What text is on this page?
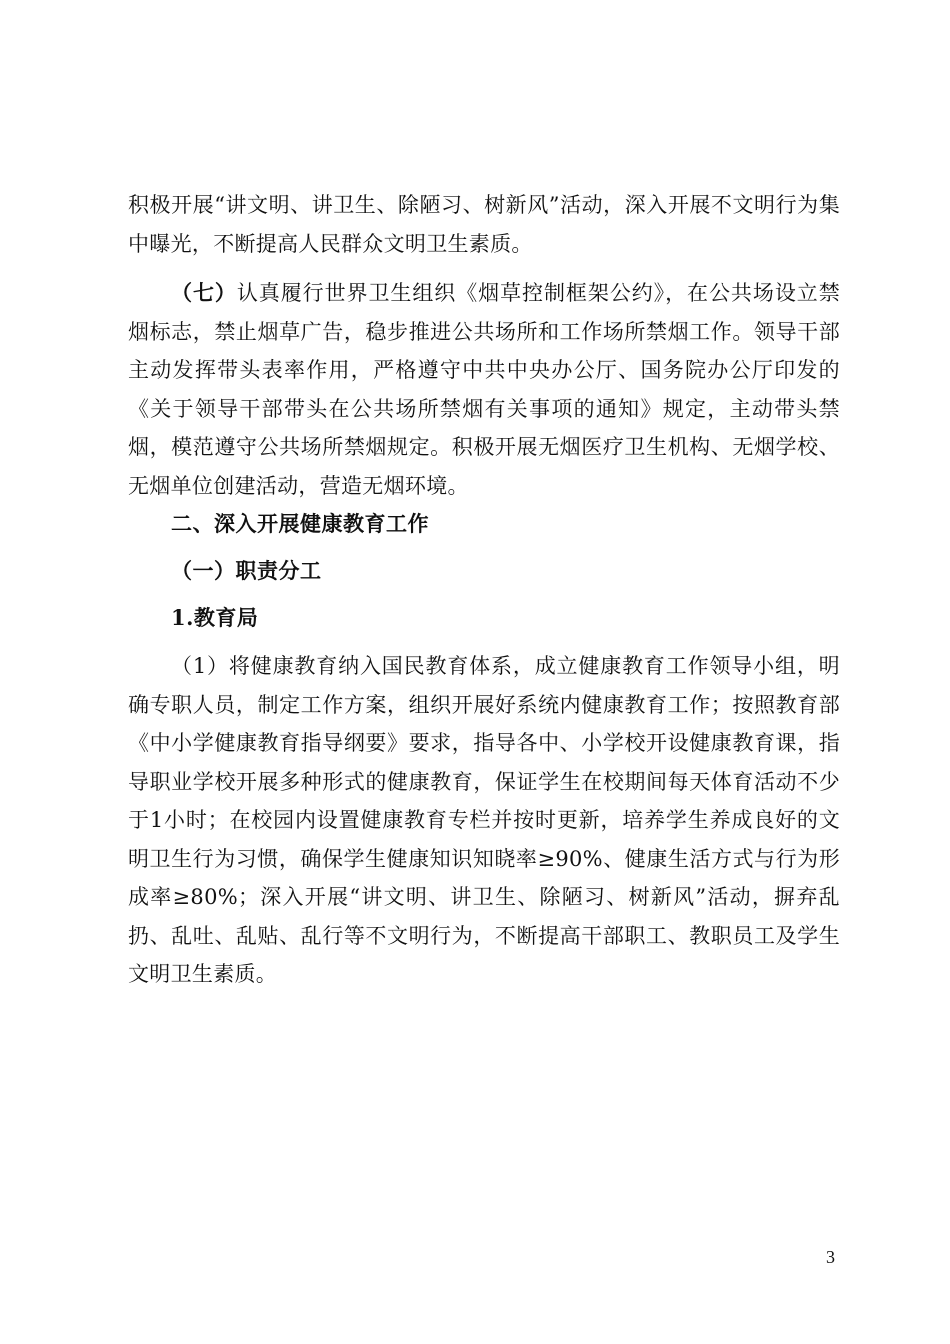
积极开展“讲文明、讲卫生、除陋习、树新风”活动，深入开展不文明行为集中曝光，不断提高人民群众文明卫生素质。

（七）认真履行世界卫生组织《烟草控制框架公约》，在公共场设立禁烟标志，禁止烟草广告，稳步推进公共场所和工作场所禁烟工作。领导干部主动发挥带头表率作用，严格遵守中共中央办公厅、国务院办公厅印发的《关于领导干部带头在公共场所禁烟有关事项的通知》规定，主动带头禁烟，模范遵守公共场所禁烟规定。积极开展无烟医疗卫生机构、无烟学校、无烟单位创建活动，营造无烟环境。

二、深入开展健康教育工作

（一）职责分工

1.教育局

（1）将健康教育纳入国民教育体系，成立健康教育工作领导小组，明确专职人员，制定工作方案，组织开展好系统内健康教育工作；按照教育部《中小学健康教育指导纲要》要求，指导各中、小学校开设健康教育课，指导职业学校开展多种形式的健康教育，保证学生在校期间每天体育活动不少于1小时；在校园内设置健康教育专栏并按时更新，培养学生养成良好的文明卫生行为习惯，确保学生健康知识知晓率≥90%、健康生活方式与行为形成率≥80%；深入开展“讲文明、讲卫生、除陋习、树新风”活动，摒弃乱扔、乱吐、乱贴、乱行等不文明行为，不断提高干部职工、教职员工及学生文明卫生素质。

3
